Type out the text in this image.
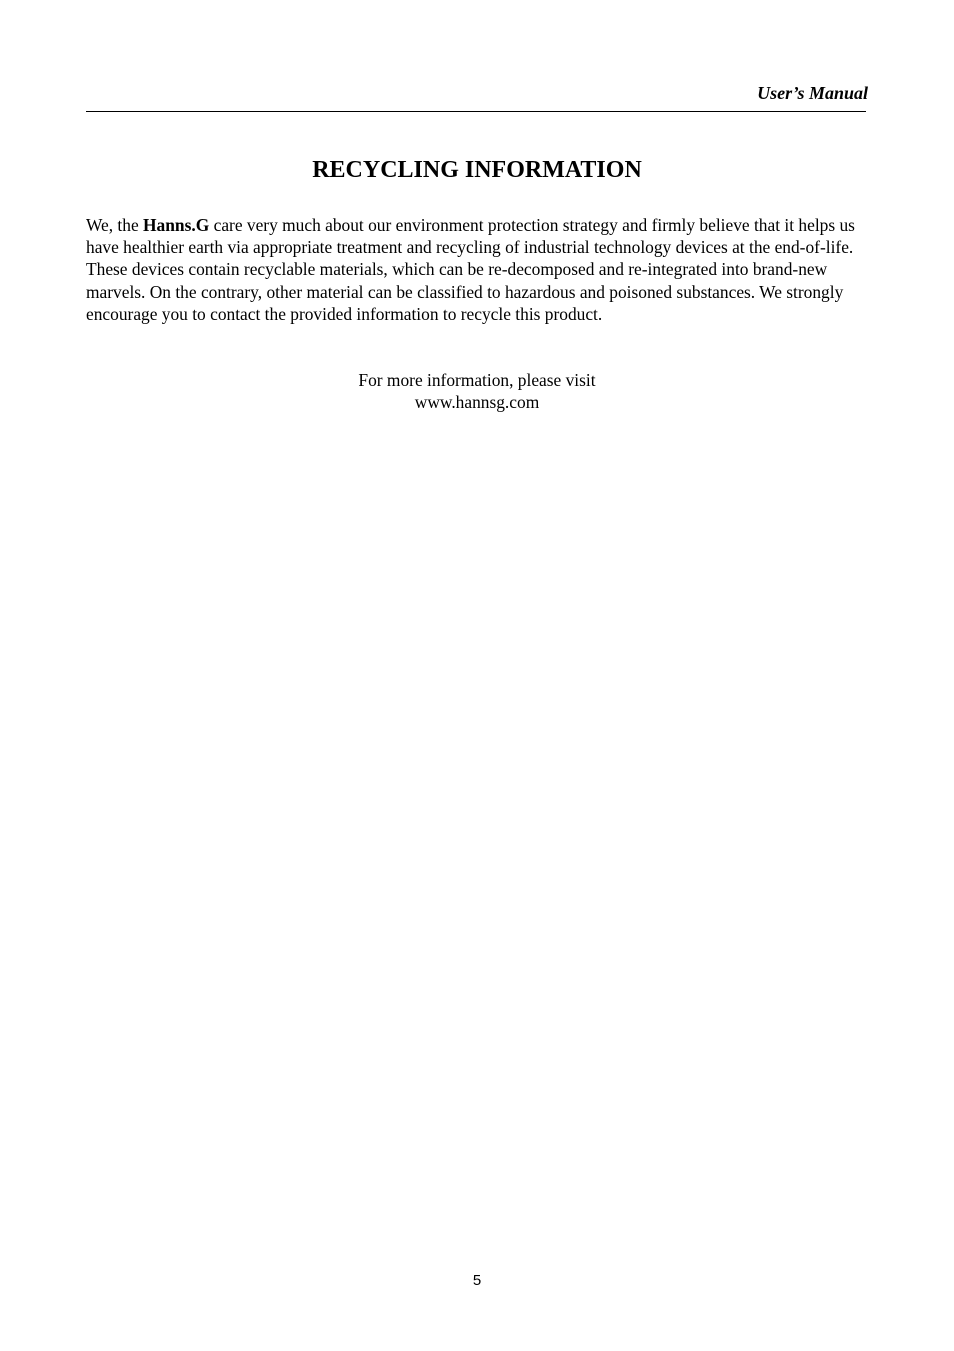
User’s Manual
RECYCLING INFORMATION

We, the Hanns.G care very much about our environment protection strategy and firmly believe that it helps us have healthier earth via appropriate treatment and recycling of industrial technology devices at the end-of-life.

These devices contain recyclable materials, which can be re-decomposed and re-integrated into brand-new marvels. On the contrary, other material can be classified to hazardous and poisoned substances. We strongly encourage you to contact the provided information to recycle this product.

For more information, please visit
www.hannsg.com
5
